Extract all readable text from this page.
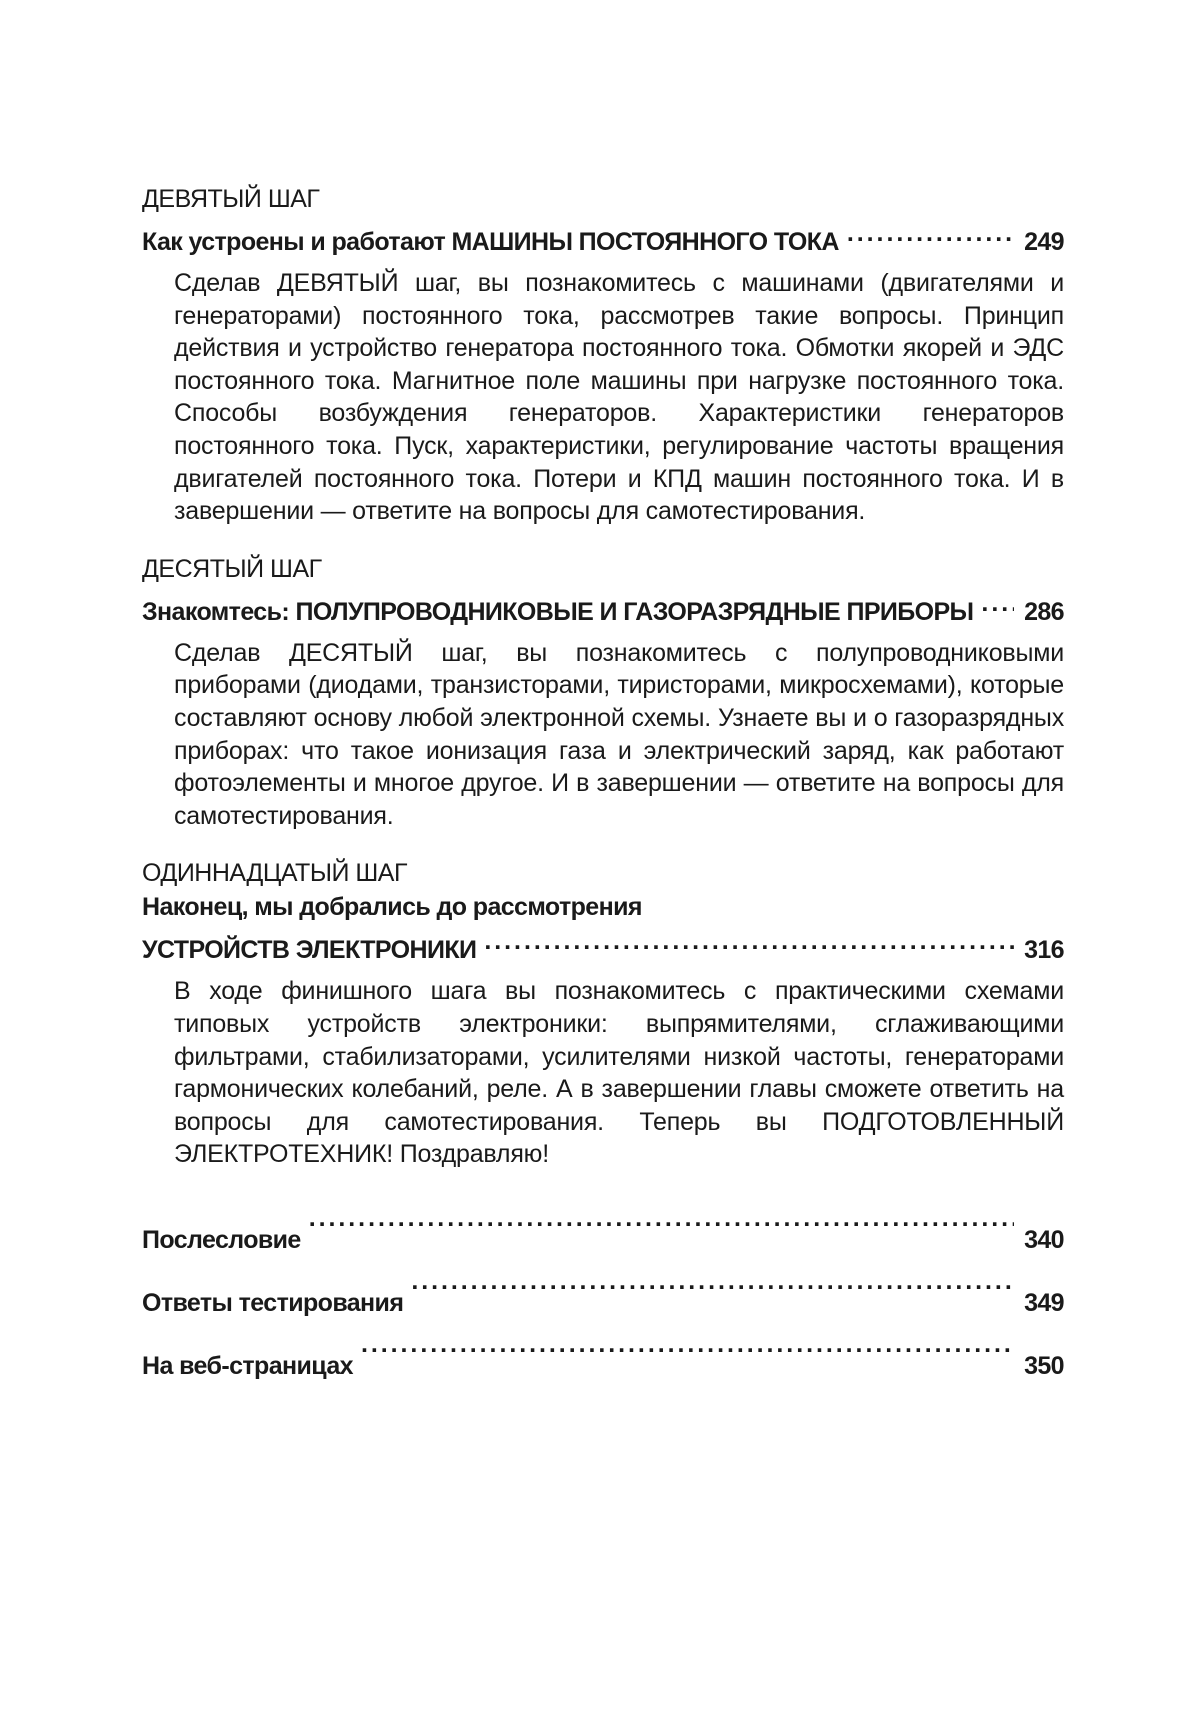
ДЕВЯТЫЙ ШАГ

Как устроены и работают МАШИНЫ ПОСТОЯННОГО ТОКА . . .	249

Сделав ДЕВЯТЫЙ шаг, вы познакомитесь с машинами (двигателями и генераторами) постоянного тока, рассмотрев такие вопросы. Принцип действия и устройство генератора постоянного тока. Обмотки якорей и ЭДС постоянного тока. Магнитное поле машины при нагрузке постоянного тока. Способы возбуждения генераторов. Характеристики генераторов постоянного тока. Пуск, характеристики, регулирование частоты вращения двигателей постоянного тока. Потери и КПД машин постоянного тока. И в завершении — ответите на вопросы для самотестирования.

ДЕСЯТЫЙ ШАГ

Знакомтесь: ПОЛУПРОВОДНИКОВЫЕ И ГАЗОРАЗРЯДНЫЕ ПРИБОРЫ . . . 286

Сделав ДЕСЯТЫЙ шаг, вы познакомитесь с полупроводниковыми приборами (диодами, транзисторами, тиристорами, микросхемами), которые составляют основу любой электронной схемы. Узнаете вы и о газоразрядных приборах: что такое ионизация газа и электрический заряд, как работают фотоэлементы и многое другое. И в завершении — ответите на вопросы для самотестирования.

ОДИННАДЦАТЫЙ ШАГ

Наконец, мы добрались до рассмотрения

УСТРОЙСТВ ЭЛЕКТРОНИКИ . . .	316

В ходе финишного шага вы познакомитесь с практическими схемами типовых устройств электроники: выпрямителями, сглаживающими фильтрами, стабилизаторами, усилителями низкой частоты, генераторами гармонических колебаний, реле. А в завершении главы сможете ответить на вопросы для самотестирования. Теперь вы ПОДГОТОВЛЕННЫЙ ЭЛЕКТРОТЕХНИК! Поздравляю!

Послесловие . . .	340
Ответы тестирования . . .	349
На веб-страницах . . .	350
